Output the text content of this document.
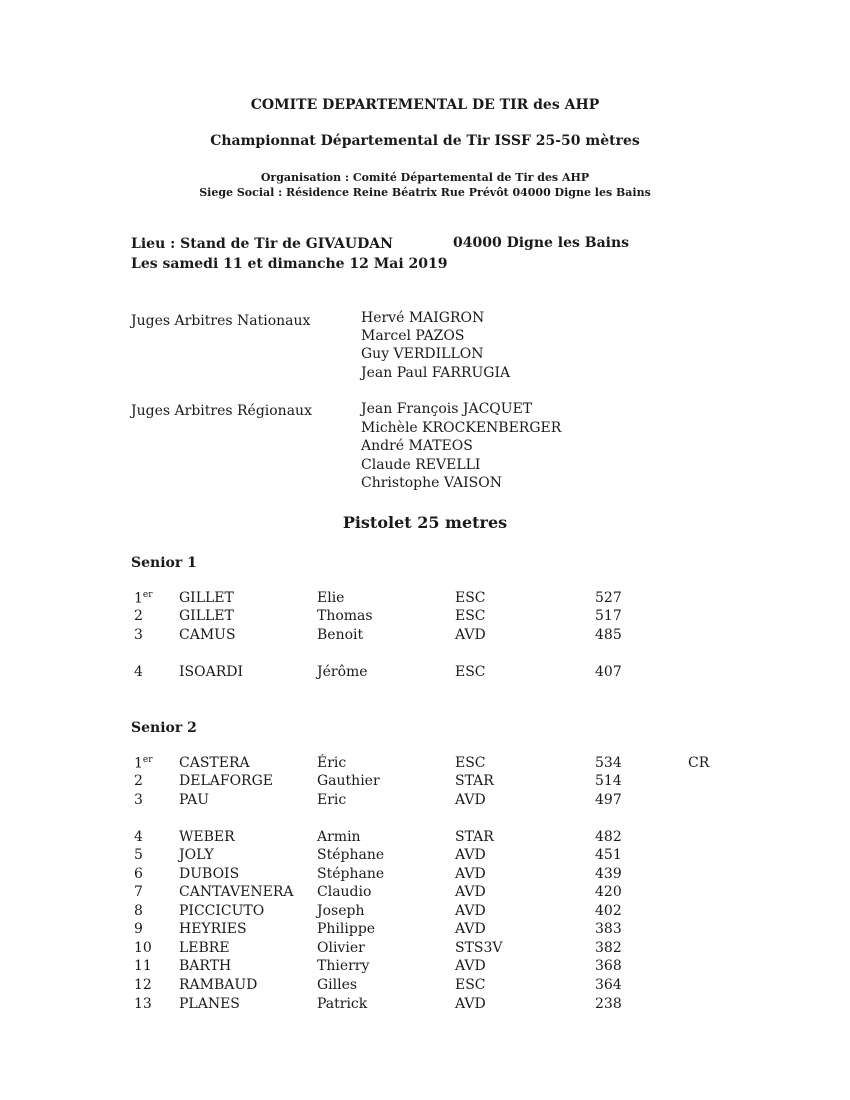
COMITE DEPARTEMENTAL DE TIR des AHP
Championnat Départemental de Tir ISSF 25-50 mètres
Organisation : Comité Départemental de Tir des AHP
Siege Social : Résidence Reine Béatrix Rue Prévôt 04000 Digne les Bains
Lieu : Stand de Tir de GIVAUDAN	04000 Digne les Bains
Les samedi 11 et dimanche 12 Mai 2019
Juges Arbitres Nationaux	Hervé MAIGRON
Marcel PAZOS
Guy VERDILLON
Jean Paul FARRUGIA
Juges Arbitres Régionaux	Jean François JACQUET
Michèle KROCKENBERGER
André MATEOS
Claude REVELLI
Christophe VAISON
Pistolet 25 metres
Senior 1
Senior 2
1er GILLET	Elie	ESC	527
2	GILLET	Thomas	ESC	517
3	CAMUS	Benoit	AVD	485
4	ISOARDI	Jérôme	ESC	407
1er CASTERA	Éric	ESC	534	CR
2	DELAFORGE	Gauthier	STAR	514
3	PAU	Eric	AVD	497
4	WEBER	Armin	STAR	482
5	JOLY	Stéphane	AVD	451
6	DUBOIS	Stéphane	AVD	439
7	CANTAVENERA Claudio	AVD	420
8	PICCICUTO	Joseph	AVD	402
9	HEYRIES	Philippe	AVD	383
10 LEBRE	Olivier	STS3V	382
11 BARTH	Thierry	AVD	368
12 RAMBAUD	Gilles	ESC	364
13 PLANES	Patrick	AVD	238
